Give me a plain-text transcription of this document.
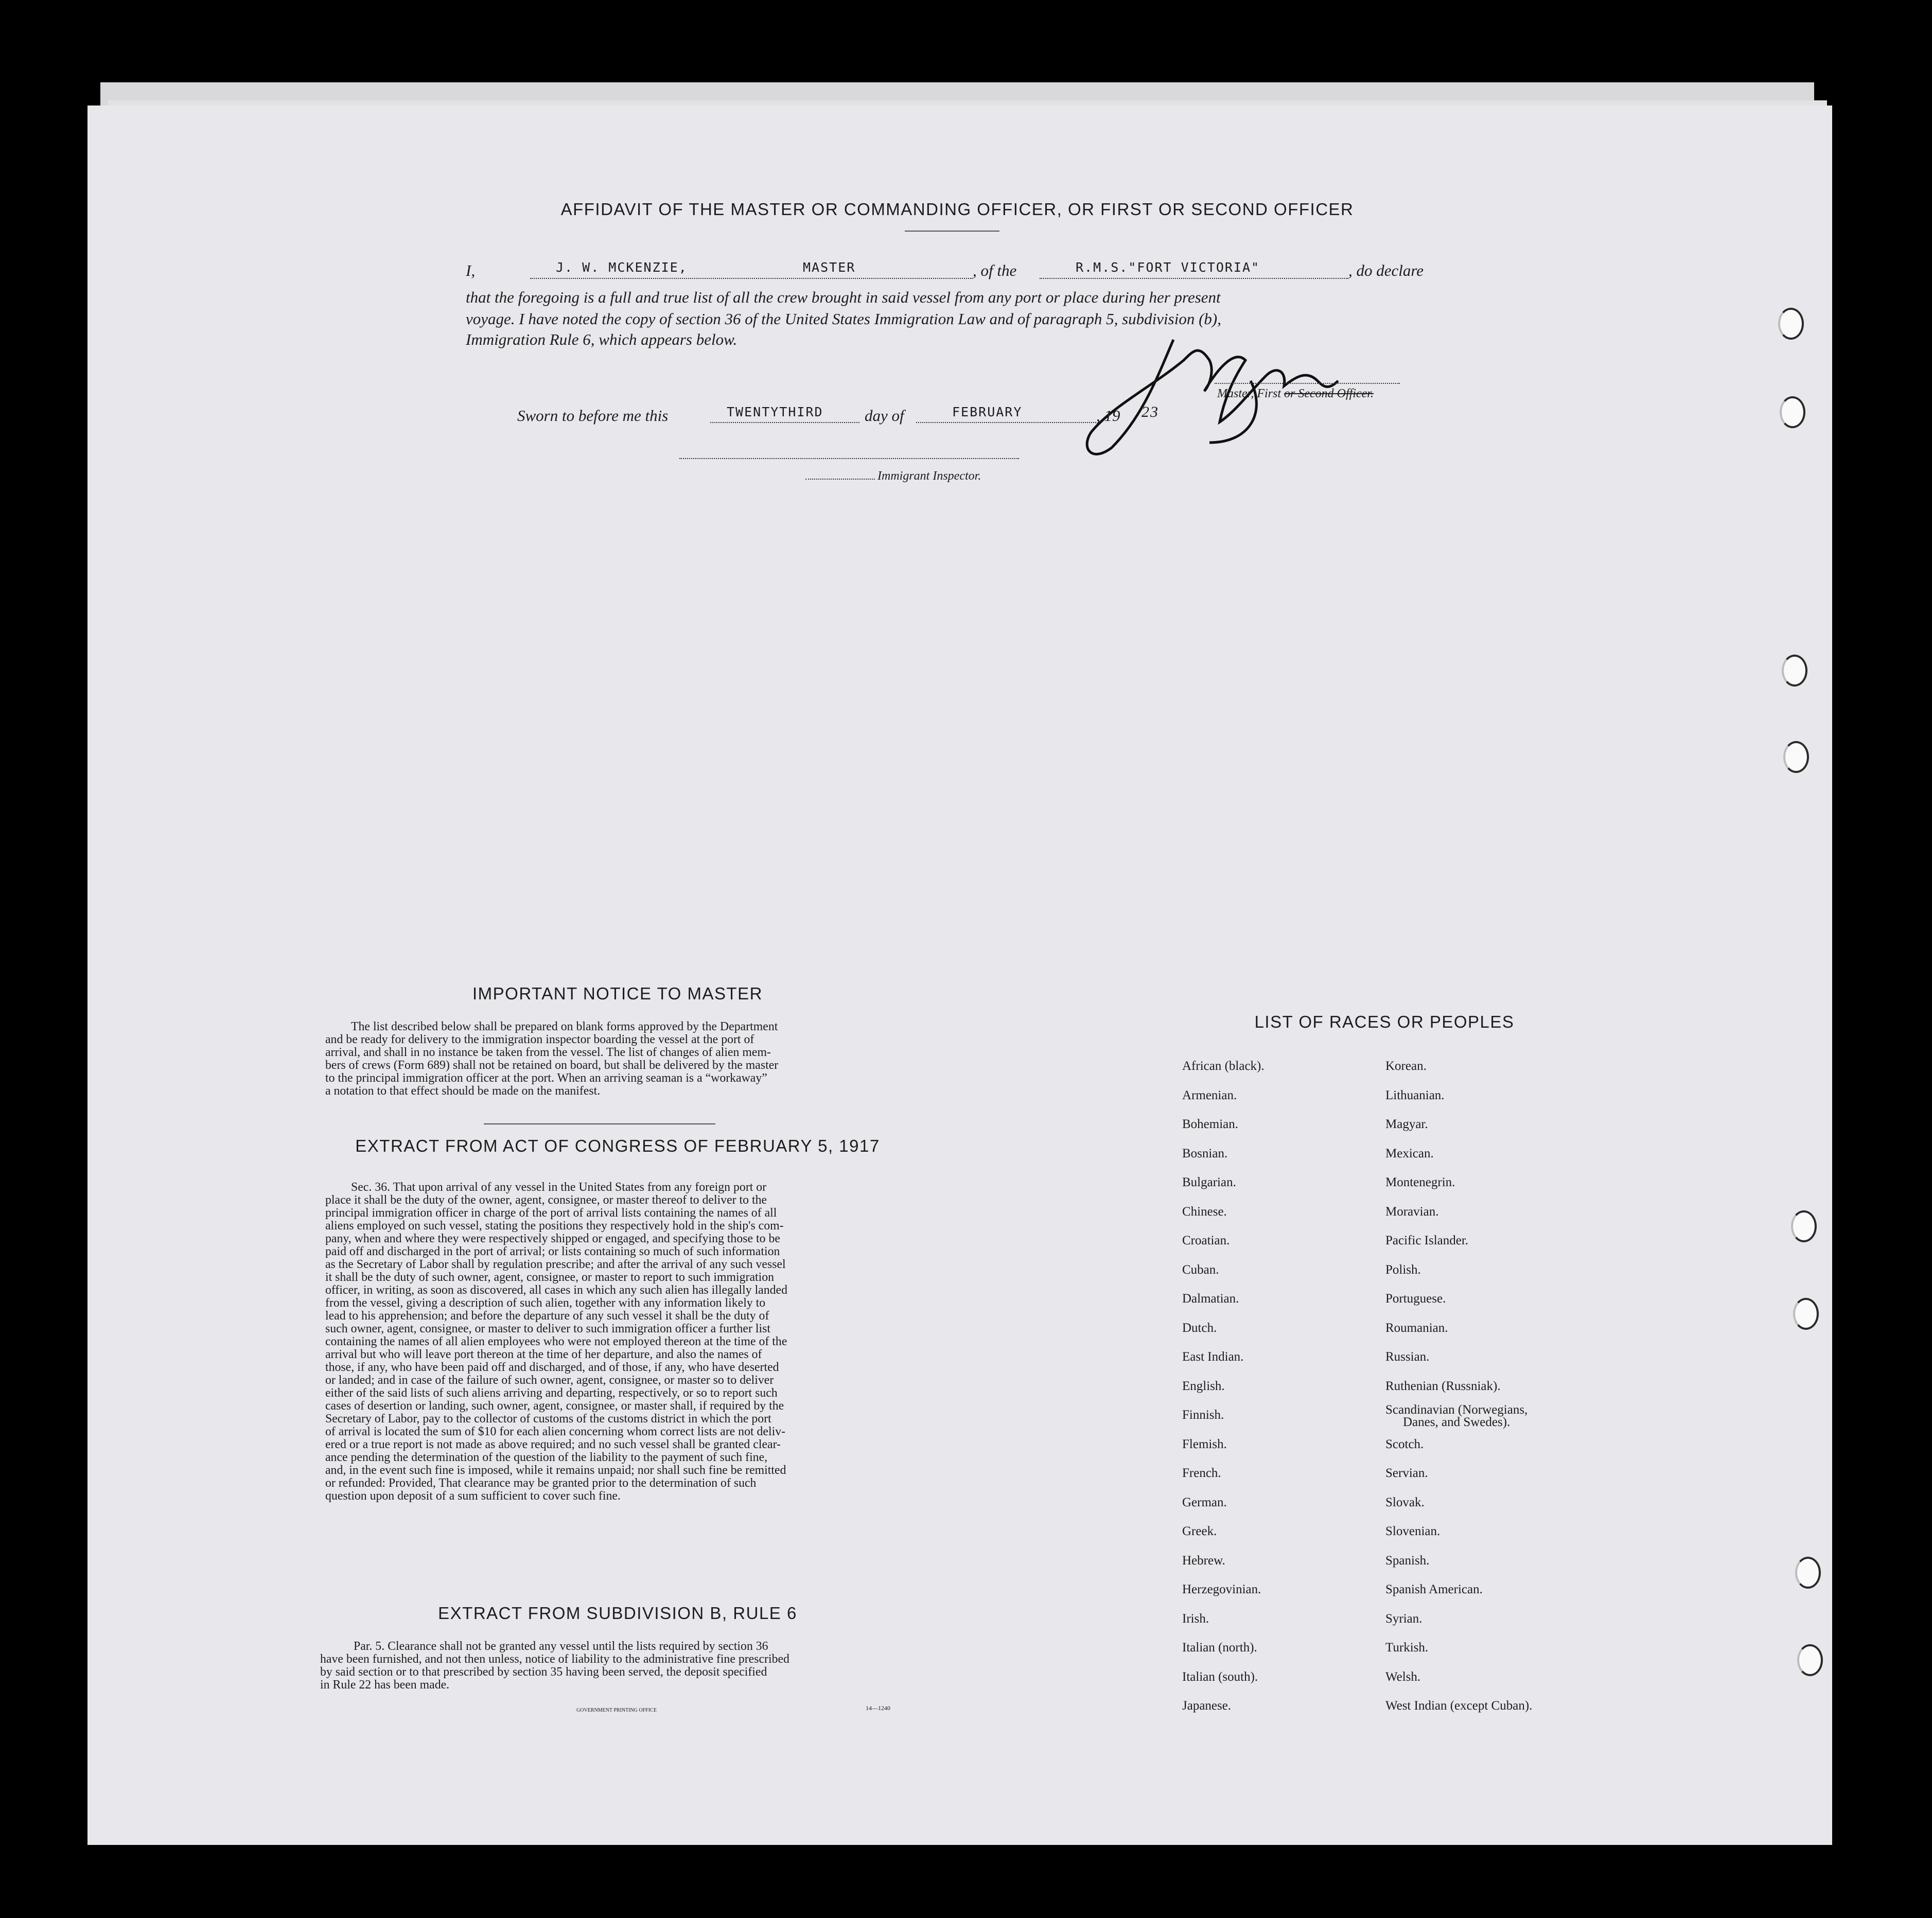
AFFIDAVIT OF THE MASTER OR COMMANDING OFFICER, OR FIRST OR SECOND OFFICER
I,	J. W. MCKENZIE,	MASTER	, of the	R.M.S."FORT VICTORIA"	, do declare
that the foregoing is a full and true list of all the crew brought in said vessel from any port or place during her present
voyage. I have noted the copy of section 36 of the United States Immigration Law and of paragraph 5, subdivision (b),
Immigration Rule 6, which appears below.
Master, First or Second Officer.
Sworn to before me this	TWENTYTHIRD	day of	FEBRUARY	, 19 23
Immigrant Inspector.
IMPORTANT NOTICE TO MASTER

The list described below shall be prepared on blank forms approved by the Department

and be ready for delivery to the immigration inspector boarding the vessel at the port of

arrival, and shall in no instance be taken from the vessel. The list of changes of alien mem-

bers of crews (Form 689) shall not be retained on board, but shall be delivered by the master

to the principal immigration officer at the port. When an arriving seaman is a “workaway”

a notation to that effect should be made on the manifest.

EXTRACT FROM ACT OF CONGRESS OF FEBRUARY 5, 1917

Sec. 36. That upon arrival of any vessel in the United States from any foreign port or

place it shall be the duty of the owner, agent, consignee, or master thereof to deliver to the

principal immigration officer in charge of the port of arrival lists containing the names of all

aliens employed on such vessel, stating the positions they respectively hold in the ship's com-

pany, when and where they were respectively shipped or engaged, and specifying those to be

paid off and discharged in the port of arrival; or lists containing so much of such information

as the Secretary of Labor shall by regulation prescribe; and after the arrival of any such vessel

it shall be the duty of such owner, agent, consignee, or master to report to such immigration

officer, in writing, as soon as discovered, all cases in which any such alien has illegally landed

from the vessel, giving a description of such alien, together with any information likely to

lead to his apprehension; and before the departure of any such vessel it shall be the duty of

such owner, agent, consignee, or master to deliver to such immigration officer a further list

containing the names of all alien employees who were not employed thereon at the time of the

arrival but who will leave port thereon at the time of her departure, and also the names of

those, if any, who have been paid off and discharged, and of those, if any, who have deserted

or landed; and in case of the failure of such owner, agent, consignee, or master so to deliver

either of the said lists of such aliens arriving and departing, respectively, or so to report such

cases of desertion or landing, such owner, agent, consignee, or master shall, if required by the

Secretary of Labor, pay to the collector of customs of the customs district in which the port

of arrival is located the sum of $10 for each alien concerning whom correct lists are not deliv-

ered or a true report is not made as above required; and no such vessel shall be granted clear-

ance pending the determination of the question of the liability to the payment of such fine,

and, in the event such fine is imposed, while it remains unpaid; nor shall such fine be remitted

or refunded: Provided, That clearance may be granted prior to the determination of such

question upon deposit of a sum sufficient to cover such fine.

EXTRACT FROM SUBDIVISION B, RULE 6

Par. 5. Clearance shall not be granted any vessel until the lists required by section 36

have been furnished, and not then unless, notice of liability to the administrative fine prescribed

by said section or to that prescribed by section 35 having been served, the deposit specified

in Rule 22 has been made.

GOVERNMENT PRINTING OFFICE	14—1240
LIST OF RACES OR PEOPLES
African (black).
Armenian.
Bohemian.
Bosnian.
Bulgarian.
Chinese.
Croatian.
Cuban.
Dalmatian.
Dutch.
East Indian.
English.
Finnish.
Flemish.
French.
German.
Greek.
Hebrew.
Herzegovinian.
Irish.
Italian (north).
Italian (south).
Japanese.
Korean.
Lithuanian.
Magyar.
Mexican.
Montenegrin.
Moravian.
Pacific Islander.
Polish.
Portuguese.
Roumanian.
Russian.
Ruthenian (Russniak).
Scandinavian (Norwegians,
Danes, and Swedes).
Scotch.
Servian.
Slovak.
Slovenian.
Spanish.
Spanish American.
Syrian.
Turkish.
Welsh.
West Indian (except Cuban).
